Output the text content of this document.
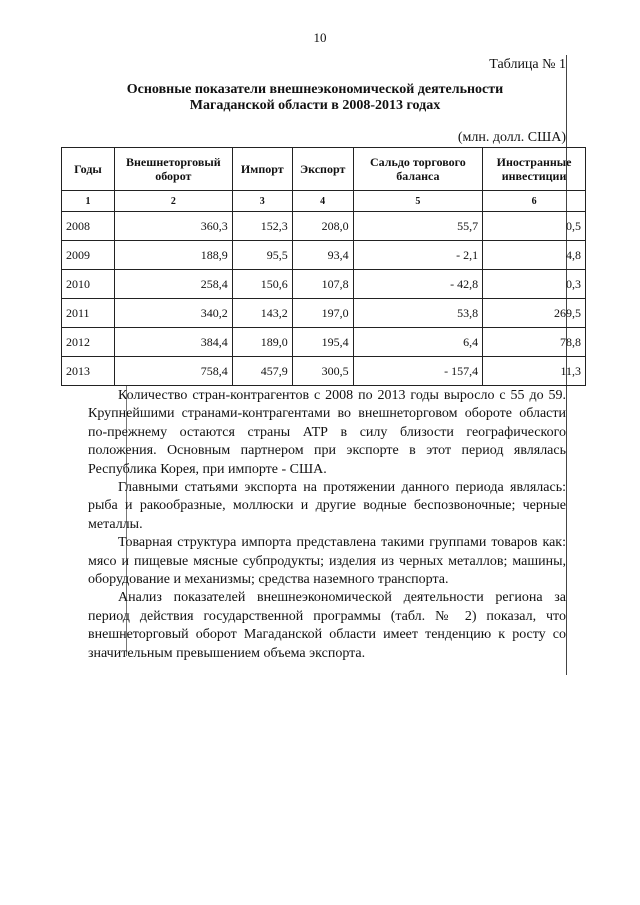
10
Таблица № 1
Основные показатели внешнеэкономической деятельности
Магаданской области в 2008-2013 годах
(млн. долл. США)
Годы	Внешнеторговый оборот	Импорт	Экспорт	Сальдо торгового баланса	Иностранные инвестиции
1	2	3	4	5	6
2008	360,3	152,3	208,0	55,7	0,5
2009	188,9	95,5	93,4	- 2,1	4,8
2010	258,4	150,6	107,8	- 42,8	0,3
2011	340,2	143,2	197,0	53,8	269,5
2012	384,4	189,0	195,4	6,4	78,8
2013	758,4	457,9	300,5	- 157,4	11,3

Количество стран-контрагентов с 2008 по 2013 годы выросло с 55 до 59. Крупнейшими странами-контрагентами во внешнеторговом обороте области по-прежнему остаются страны АТР в силу близости географического положения. Основным партнером при экспорте в этот период являлась Республика Корея, при импорте - США.

Главными статьями экспорта на протяжении данного периода являлась: рыба и ракообразные, моллюски и другие водные беспозвоночные; черные металлы.

Товарная структура импорта представлена такими группами товаров как: мясо и пищевые мясные субпродукты; изделия из черных металлов; машины, оборудование и механизмы; средства наземного транспорта.

Анализ показателей внешнеэкономической деятельности региона за период действия государственной программы (табл. № 2) показал, что внешнеторговый оборот Магаданской области имеет тенденцию к росту со значительным превышением объема экспорта.
